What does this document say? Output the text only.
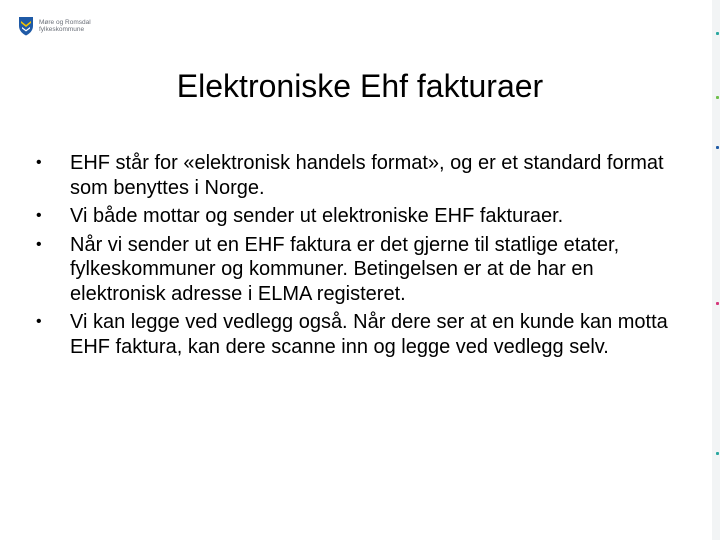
Møre og Romsdal
fylkeskommune
Elektroniske Ehf fakturaer
•	EHF står for «elektronisk handels format», og er et standard format som benyttes i Norge.
•	Vi både mottar og sender ut elektroniske EHF fakturaer.
•	Når vi sender ut en EHF faktura er det gjerne til statlige etater, fylkeskommuner og kommuner. Betingelsen er at de har en elektronisk adresse i ELMA registeret.
•	Vi kan legge ved vedlegg også. Når dere ser at en kunde kan motta EHF faktura, kan dere scanne inn og legge ved vedlegg selv.
